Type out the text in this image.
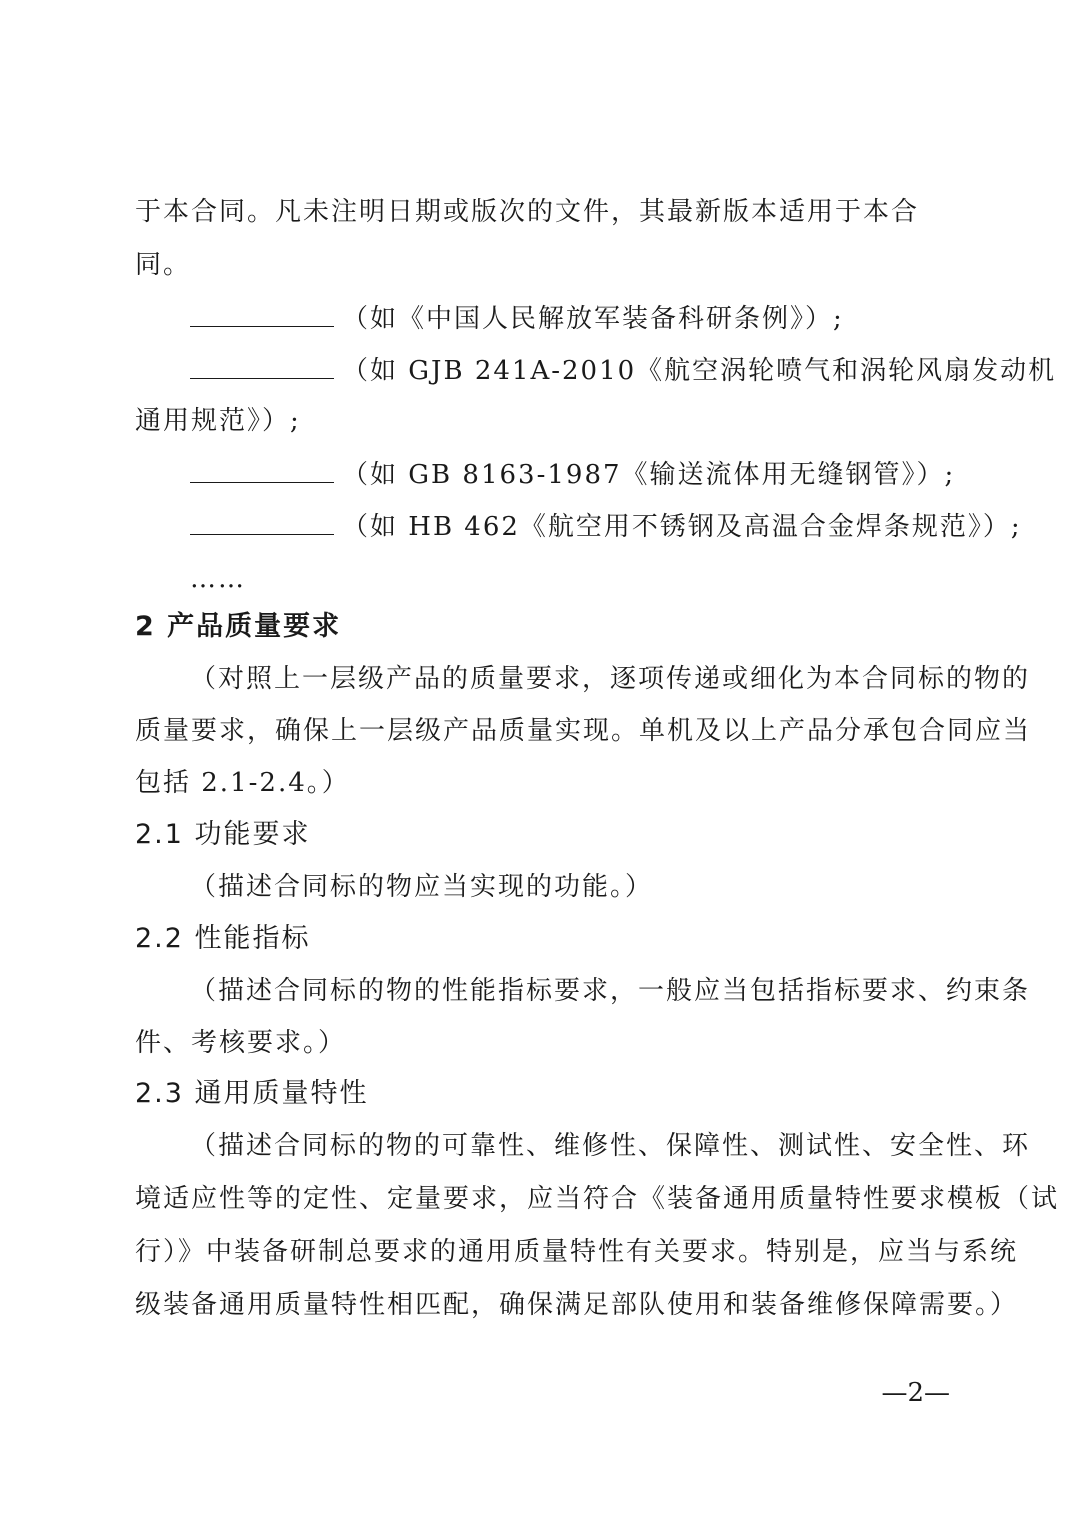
于本合同。凡未注明日期或版次的文件，其最新版本适用于本合
同。
（如《中国人民解放军装备科研条例》）;
（如 GJB 241A-2010《航空涡轮喷气和涡轮风扇发动机
通用规范》）;
（如 GB 8163-1987《输送流体用无缝钢管》）;
（如 HB 462《航空用不锈钢及高温合金焊条规范》）;
……
2 产品质量要求
（对照上一层级产品的质量要求，逐项传递或细化为本合同标的物的
质量要求，确保上一层级产品质量实现。单机及以上产品分承包合同应当
包括 2.1-2.4。）
2.1 功能要求
（描述合同标的物应当实现的功能。）
2.2 性能指标
（描述合同标的物的性能指标要求，一般应当包括指标要求、约束条
件、考核要求。）
2.3 通用质量特性
（描述合同标的物的可靠性、维修性、保障性、测试性、安全性、环
境适应性等的定性、定量要求，应当符合《装备通用质量特性要求模板（试
行）》中装备研制总要求的通用质量特性有关要求。特别是，应当与系统
级装备通用质量特性相匹配，确保满足部队使用和装备维修保障需要。）
—2—
